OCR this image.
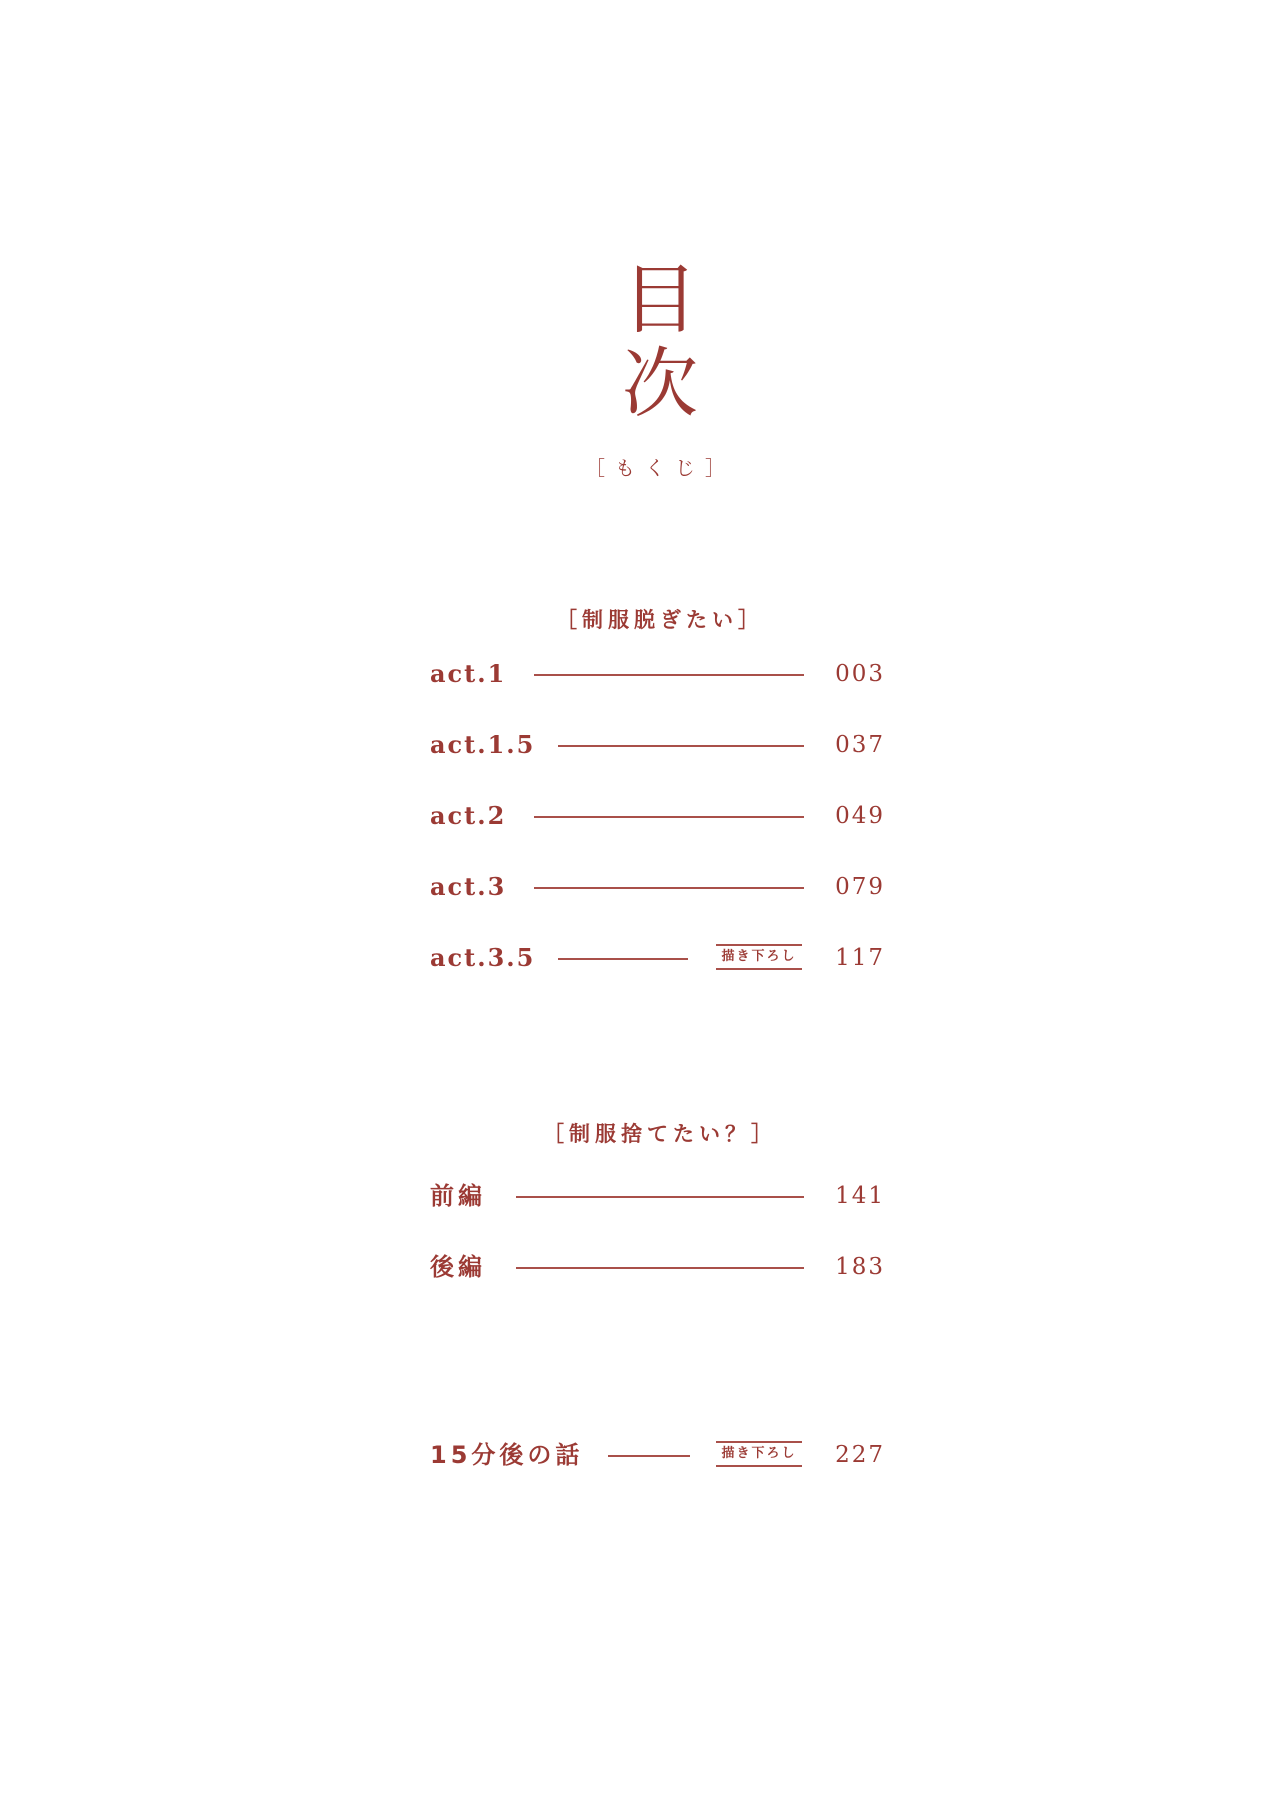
目
次
［もくじ］
［制服脱ぎたい］
act.1	003
act.1.5	037
act.2	049
act.3	079
act.3.5	描き下ろし 117
［制服捨てたい？］
前編	141
後編	183
15分後の話	描き下ろし 227
